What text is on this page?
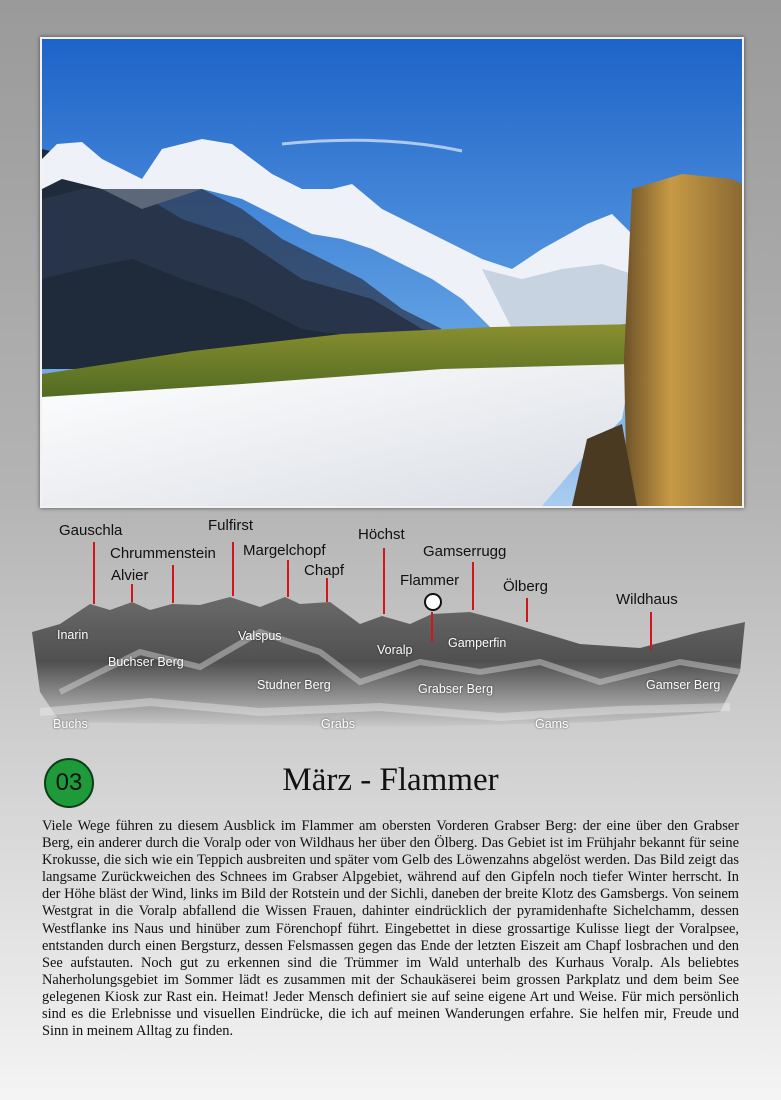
Gauschla
Chrummenstein
Alvier
Fulfirst
Margelchopf
Chapf
Höchst
Flammer
Gamserrugg
Ölberg
Wildhaus
Inarin
Buchser Berg
Valspus
Studner Berg
Voralp	Gamperfin
Grabser Berg	Gamser Berg
Buchs	Grabs	Gams
03	März - Flammer

Viele Wege führen zu diesem Ausblick im Flammer am obersten Vorderen Grabser Berg: der eine über den Grabser Berg, ein anderer durch die Voralp oder von Wildhaus her über den Ölberg. Das Gebiet ist im Frühjahr bekannt für seine Krokusse, die sich wie ein Teppich ausbreiten und später vom Gelb des Löwenzahns abgelöst werden. Das Bild zeigt das langsame Zurückweichen des Schnees im Grabser Alpgebiet, während auf den Gipfeln noch tiefer Winter herrscht. In der Höhe bläst der Wind, links im Bild der Rotstein und der Sichli, daneben der breite Klotz des Gamsbergs. Von seinem Westgrat in die Voralp abfallend die Wissen Frauen, dahinter eindrücklich der pyramidenhafte Sichelchamm, dessen Westflanke ins Naus und hinüber zum Förenchopf führt. Eingebettet in diese grossartige Kulisse liegt der Voralpsee, entstanden durch einen Bergsturz, dessen Felsmassen gegen das Ende der letzten Eiszeit am Chapf losbrachen und den See aufstauten. Noch gut zu erkennen sind die Trümmer im Wald unterhalb des Kurhaus Voralp. Als beliebtes Naherholungsgebiet im Sommer lädt es zusammen mit der Schaukäserei beim grossen Parkplatz und dem beim See gelegenen Kiosk zur Rast ein. Heimat! Jeder Mensch definiert sie auf seine eigene Art und Weise. Für mich persönlich sind es die Erlebnisse und visuellen Eindrücke, die ich auf meinen Wanderungen erfahre. Sie helfen mir, Freude und Sinn in meinem Alltag zu finden.
